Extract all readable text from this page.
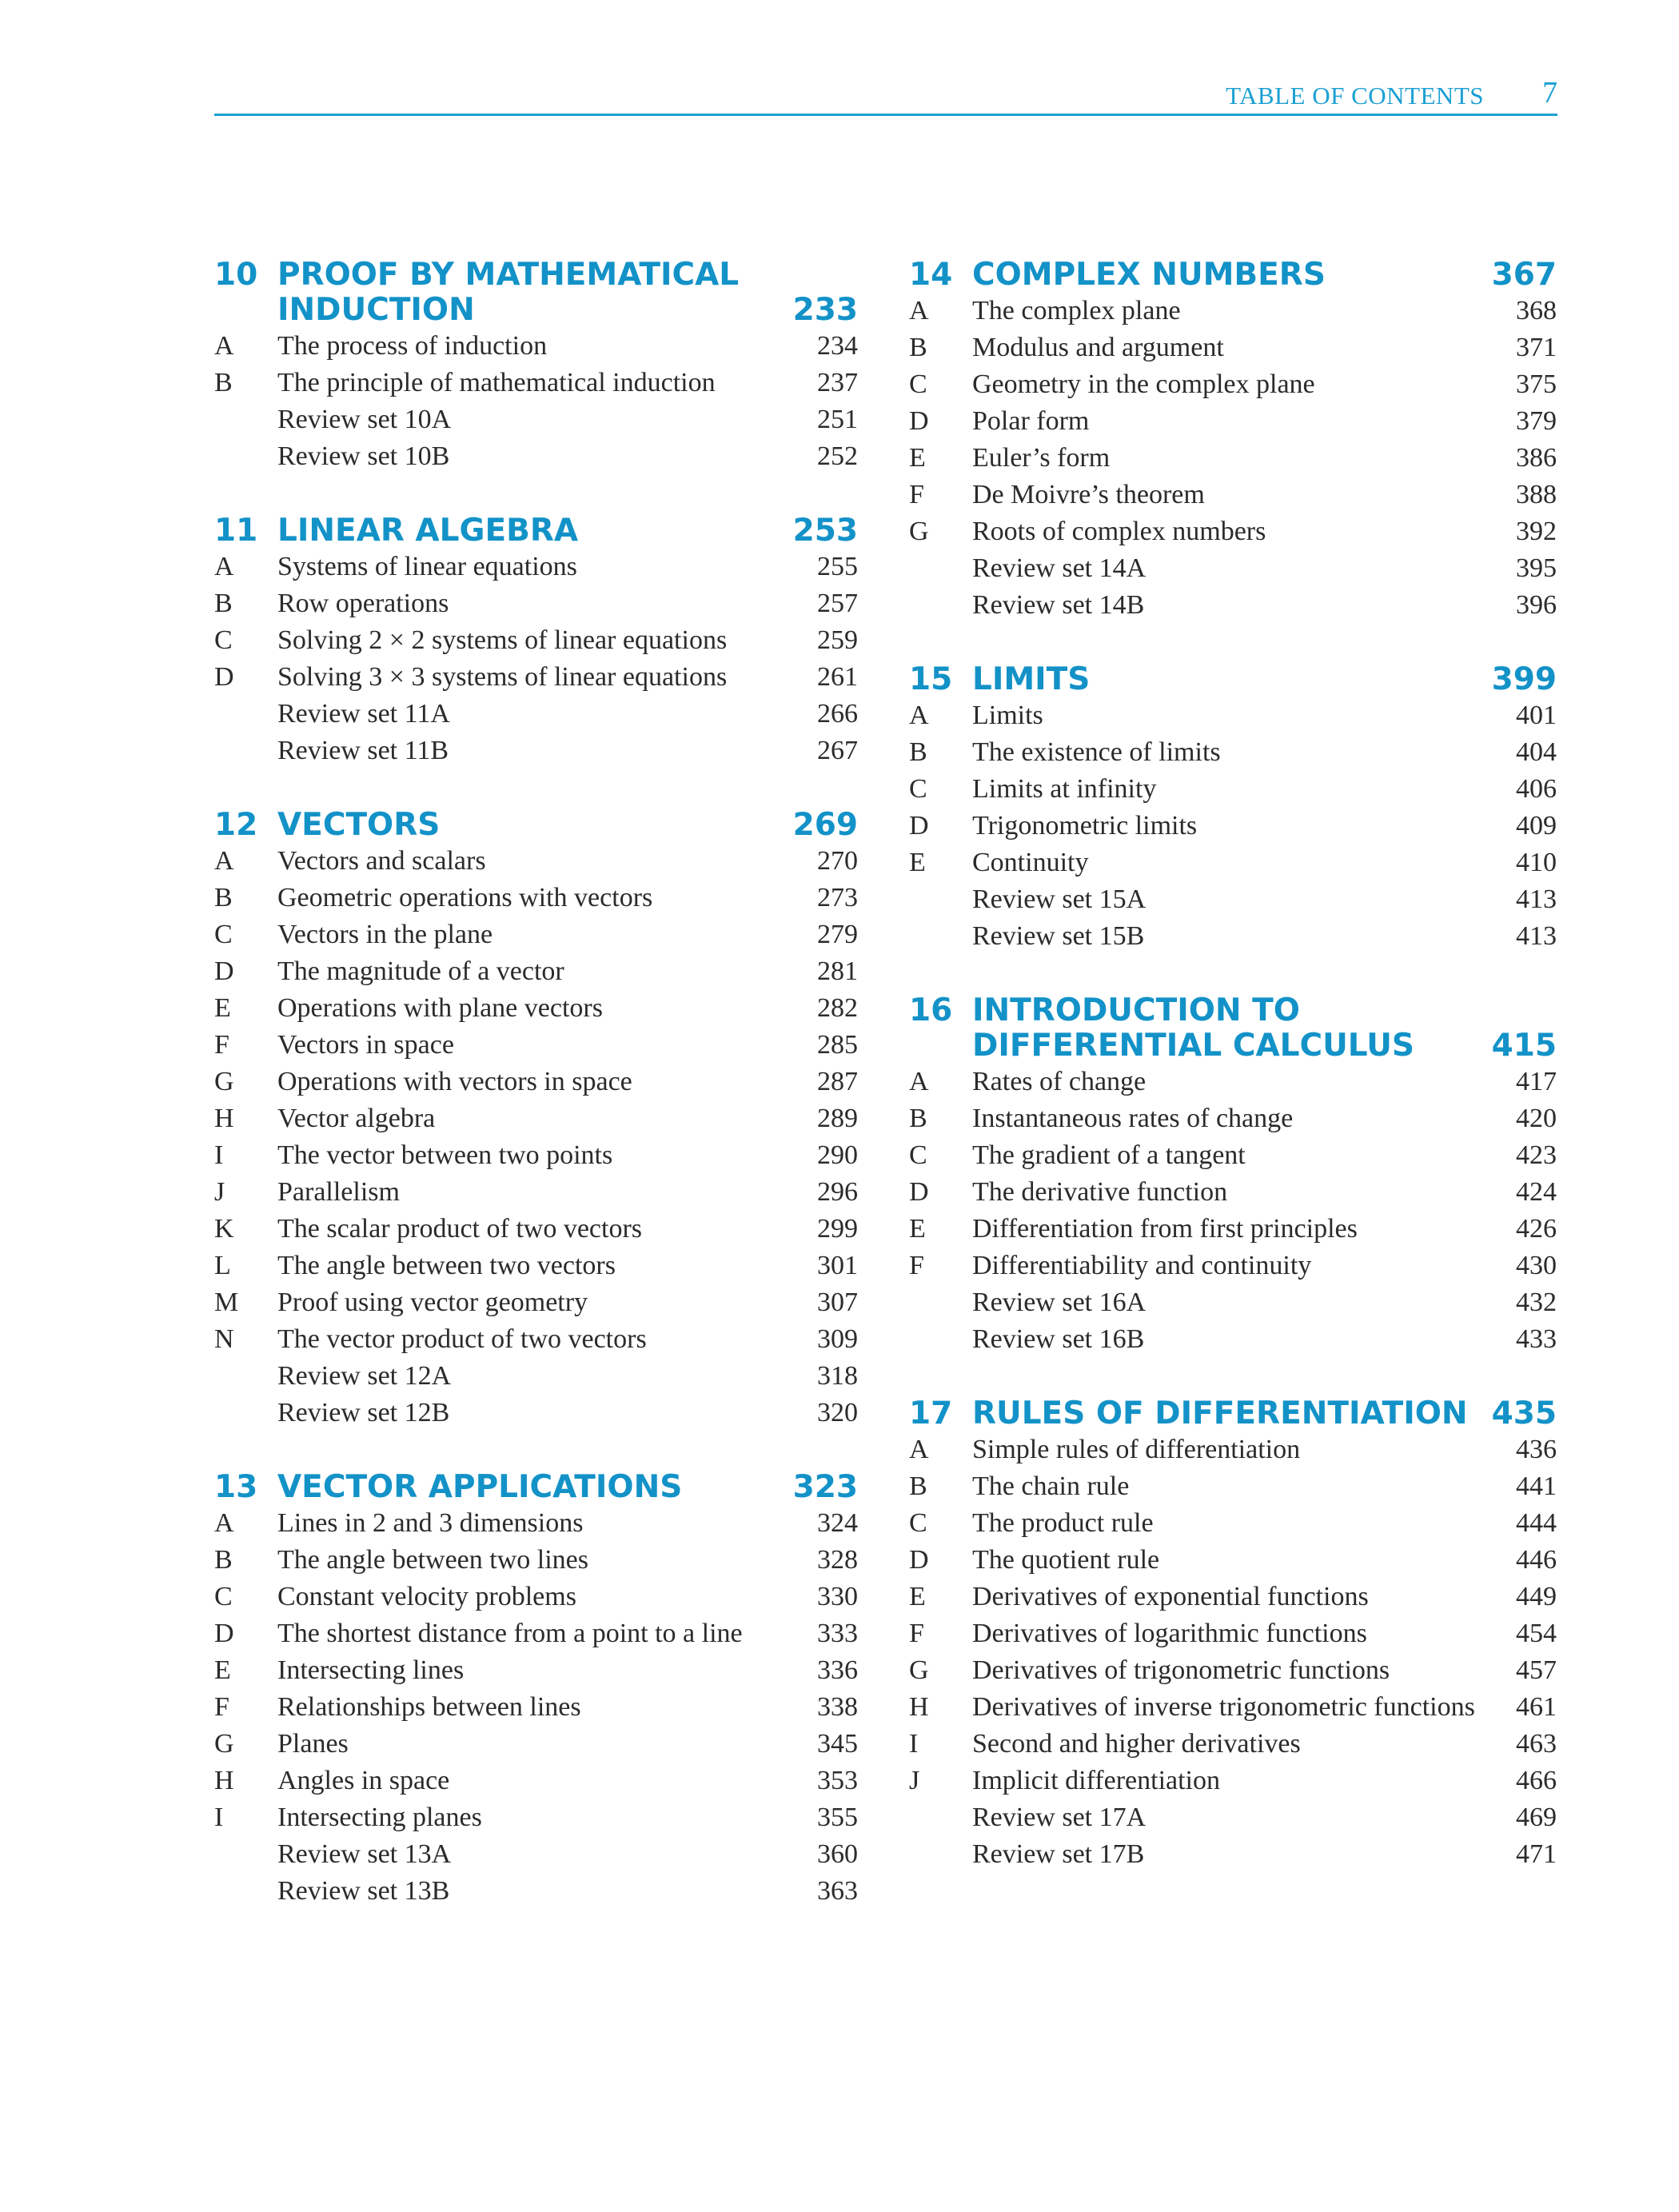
TABLE OF CONTENTS 7
10 PROOF BY MATHEMATICAL INDUCTION	233
A The process of induction	234
B The principle of mathematical induction	237
Review set 10A	251
Review set 10B	252
11 LINEAR ALGEBRA	253
A Systems of linear equations	255
B Row operations	257
C Solving 2 × 2 systems of linear equations	259
D Solving 3 × 3 systems of linear equations	261
Review set 11A	266
Review set 11B	267
12 VECTORS	269
A Vectors and scalars	270
B Geometric operations with vectors	273
C Vectors in the plane	279
D The magnitude of a vector	281
E Operations with plane vectors	282
F Vectors in space	285
G Operations with vectors in space	287
H Vector algebra	289
I The vector between two points	290
J Parallelism	296
K The scalar product of two vectors	299
L The angle between two vectors	301
M Proof using vector geometry	307
N The vector product of two vectors	309
Review set 12A	318
Review set 12B	320
13 VECTOR APPLICATIONS	323
A Lines in 2 and 3 dimensions	324
B The angle between two lines	328
C Constant velocity problems	330
D The shortest distance from a point to a line	333
E Intersecting lines	336
F Relationships between lines	338
G Planes	345
H Angles in space	353
I Intersecting planes	355
Review set 13A	360
Review set 13B	363
14 COMPLEX NUMBERS	367
A The complex plane	368
B Modulus and argument	371
C Geometry in the complex plane	375
D Polar form	379
E Euler’s form	386
F De Moivre’s theorem	388
G Roots of complex numbers	392
Review set 14A	395
Review set 14B	396
15 LIMITS	399
A Limits	401
B The existence of limits	404
C Limits at infinity	406
D Trigonometric limits	409
E Continuity	410
Review set 15A	413
Review set 15B	413
16 INTRODUCTION TO DIFFERENTIAL CALCULUS	415
A Rates of change	417
B Instantaneous rates of change	420
C The gradient of a tangent	423
D The derivative function	424
E Differentiation from first principles	426
F Differentiability and continuity	430
Review set 16A	432
Review set 16B	433
17 RULES OF DIFFERENTIATION 435
A Simple rules of differentiation	436
B The chain rule	441
C The product rule	444
D The quotient rule	446
E Derivatives of exponential functions	449
F Derivatives of logarithmic functions	454
G Derivatives of trigonometric functions	457
H Derivatives of inverse trigonometric functions 461
I Second and higher derivatives	463
J Implicit differentiation	466
Review set 17A	469
Review set 17B	471
